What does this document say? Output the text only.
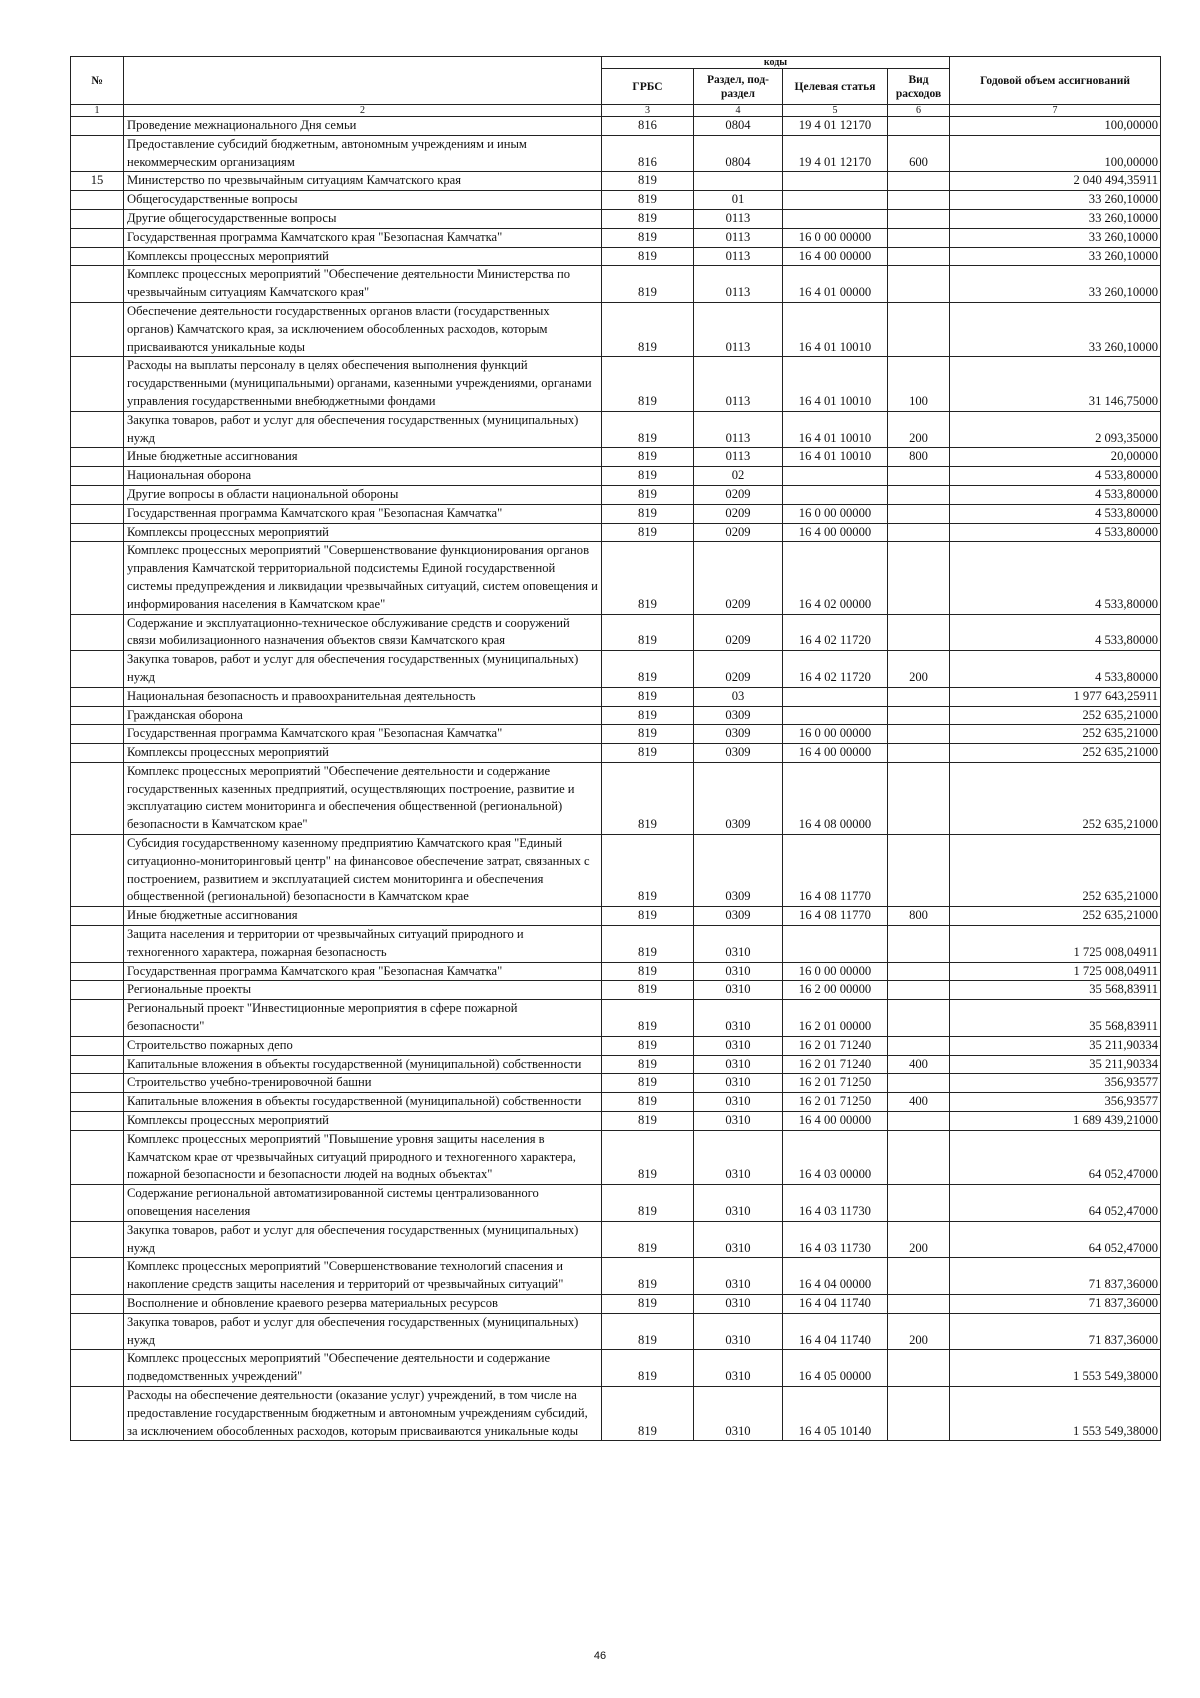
№		коды				Годовой объем ассигнований
		ГРБС	Раздел, под-раздел	Целевая статья	Вид расходов	
1	2	3	4	5	6	7
	Проведение межнационального Дня семьи	816	0804	19 4 01 12170		100,00000
	Предоставление субсидий бюджетным, автономным учреждениям и иным некоммерческим организациям	816	0804	19 4 01 12170	600	100,00000
15	Министерство по чрезвычайным ситуациям Камчатского края	819				2 040 494,35911
	Общегосударственные вопросы	819	01			33 260,10000
	Другие общегосударственные вопросы	819	0113			33 260,10000
	Государственная программа Камчатского края "Безопасная Камчатка"	819	0113	16 0 00 00000		33 260,10000
	Комплексы процессных мероприятий	819	0113	16 4 00 00000		33 260,10000
	Комплекс процессных мероприятий "Обеспечение деятельности Министерства по чрезвычайным ситуациям Камчатского края"	819	0113	16 4 01 00000		33 260,10000
	Обеспечение деятельности государственных органов власти (государственных органов) Камчатского края, за исключением обособленных расходов, которым присваиваются уникальные коды	819	0113	16 4 01 10010		33 260,10000
	Расходы на выплаты персоналу в целях обеспечения выполнения функций государственными (муниципальными) органами, казенными учреждениями, органами управления государственными внебюджетными фондами	819	0113	16 4 01 10010	100	31 146,75000
	Закупка товаров, работ и услуг для обеспечения государственных (муниципальных) нужд	819	0113	16 4 01 10010	200	2 093,35000
	Иные бюджетные ассигнования	819	0113	16 4 01 10010	800	20,00000
	Национальная оборона	819	02			4 533,80000
	Другие вопросы в области национальной обороны	819	0209			4 533,80000
	Государственная программа Камчатского края "Безопасная Камчатка"	819	0209	16 0 00 00000		4 533,80000
	Комплексы процессных мероприятий	819	0209	16 4 00 00000		4 533,80000
	Комплекс процессных мероприятий "Совершенствование функционирования органов управления Камчатской территориальной подсистемы Единой государственной системы предупреждения и ликвидации чрезвычайных ситуаций, систем оповещения и информирования населения в Камчатском крае"	819	0209	16 4 02 00000		4 533,80000
	Содержание и эксплуатационно-техническое обслуживание средств и сооружений связи мобилизационного назначения объектов связи Камчатского края	819	0209	16 4 02 11720		4 533,80000
	Закупка товаров, работ и услуг для обеспечения государственных (муниципальных) нужд	819	0209	16 4 02 11720	200	4 533,80000
	Национальная безопасность и правоохранительная деятельность	819	03			1 977 643,25911
	Гражданская оборона	819	0309			252 635,21000
	Государственная программа Камчатского края "Безопасная Камчатка"	819	0309	16 0 00 00000		252 635,21000
	Комплексы процессных мероприятий	819	0309	16 4 00 00000		252 635,21000
	Комплекс процессных мероприятий "Обеспечение деятельности и содержание государственных казенных предприятий, осуществляющих построение, развитие и эксплуатацию систем мониторинга и обеспечения общественной (региональной) безопасности в Камчатском крае"	819	0309	16 4 08 00000		252 635,21000
	Субсидия государственному казенному предприятию Камчатского края "Единый ситуационно-мониторинговый центр" на финансовое обеспечение затрат, связанных с построением, развитием и эксплуатацией систем мониторинга и обеспечения общественной (региональной) безопасности в Камчатском крае	819	0309	16 4 08 11770		252 635,21000
	Иные бюджетные ассигнования	819	0309	16 4 08 11770	800	252 635,21000
	Защита населения и территории от чрезвычайных ситуаций природного и техногенного характера, пожарная безопасность	819	0310			1 725 008,04911
	Государственная программа Камчатского края "Безопасная Камчатка"	819	0310	16 0 00 00000		1 725 008,04911
	Региональные проекты	819	0310	16 2 00 00000		35 568,83911
	Региональный проект "Инвестиционные мероприятия в сфере пожарной безопасности"	819	0310	16 2 01 00000		35 568,83911
	Строительство пожарных депо	819	0310	16 2 01 71240		35 211,90334
	Капитальные вложения в объекты государственной (муниципальной) собственности	819	0310	16 2 01 71240	400	35 211,90334
	Строительство учебно-тренировочной башни	819	0310	16 2 01 71250		356,93577
	Капитальные вложения в объекты государственной (муниципальной) собственности	819	0310	16 2 01 71250	400	356,93577
	Комплексы процессных мероприятий	819	0310	16 4 00 00000		1 689 439,21000
	Комплекс процессных мероприятий "Повышение уровня защиты населения в Камчатском крае от чрезвычайных ситуаций природного и техногенного характера, пожарной безопасности и безопасности людей на водных объектах"	819	0310	16 4 03 00000		64 052,47000
	Содержание региональной автоматизированной системы централизованного оповещения населения	819	0310	16 4 03 11730		64 052,47000
	Закупка товаров, работ и услуг для обеспечения государственных (муниципальных) нужд	819	0310	16 4 03 11730	200	64 052,47000
	Комплекс процессных мероприятий "Совершенствование технологий спасения и накопление средств защиты населения и территорий от чрезвычайных ситуаций"	819	0310	16 4 04 00000		71 837,36000
	Восполнение и обновление краевого резерва материальных ресурсов	819	0310	16 4 04 11740		71 837,36000
	Закупка товаров, работ и услуг для обеспечения государственных (муниципальных) нужд	819	0310	16 4 04 11740	200	71 837,36000
	Комплекс процессных мероприятий "Обеспечение деятельности и содержание подведомственных учреждений"	819	0310	16 4 05 00000		1 553 549,38000
	Расходы на обеспечение деятельности (оказание услуг) учреждений, в том числе на предоставление государственным бюджетным и автономным учреждениям субсидий, за исключением обособленных расходов, которым присваиваются уникальные коды	819	0310	16 4 05 10140		1 553 549,38000
46
